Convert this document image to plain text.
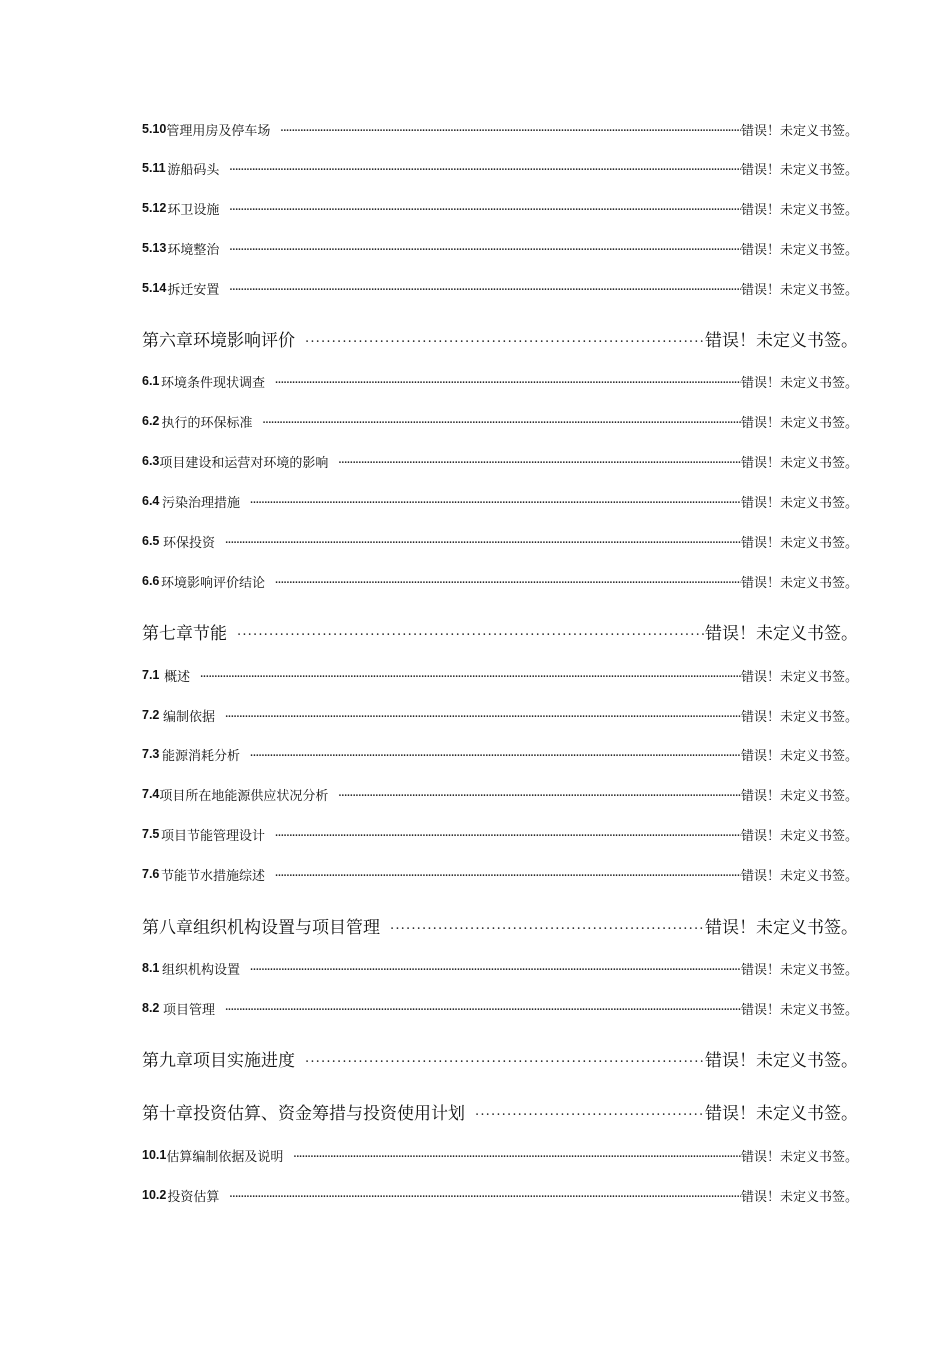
5.10 管理用房及停车场 .....	错误！未定义书签。
5.11 游船码头 .....	错误！未定义书签。
5.12 环卫设施 .....	错误！未定义书签。
5.13 环境整治 .....	错误！未定义书签。
5.14 拆迁安置 .....	错误！未定义书签。
第六章 环境影响评价 .....	错误！未定义书签。
6.1 环境条件现状调查 .....	错误！未定义书签。
6.2 执行的环保标准 .....	错误！未定义书签。
6.3 项目建设和运营对环境的影响 .....	错误！未定义书签。
6.4 污染治理措施 .....	错误！未定义书签。
6.5 环保投资 .....	错误！未定义书签。
6.6 环境影响评价结论 .....	错误！未定义书签。
第七章 节能 .....	错误！未定义书签。
7.1 概述 .....	错误！未定义书签。
7.2 编制依据 .....	错误！未定义书签。
7.3 能源消耗分析 .....	错误！未定义书签。
7.4 项目所在地能源供应状况分析 .....	错误！未定义书签。
7.5 项目节能管理设计 .....	错误！未定义书签。
7.6 节能节水措施综述 .....	错误！未定义书签。
第八章 组织机构设置与项目管理 .....	错误！未定义书签。
8.1 组织机构设置 .....	错误！未定义书签。
8.2 项目管理 .....	错误！未定义书签。
第九章 项目实施进度 .....	错误！未定义书签。
第十章 投资估算、资金筹措与投资使用计划 .....	错误！未定义书签。
10.1 估算编制依据及说明 .....	错误！未定义书签。
10.2 投资估算 .....	错误！未定义书签。
